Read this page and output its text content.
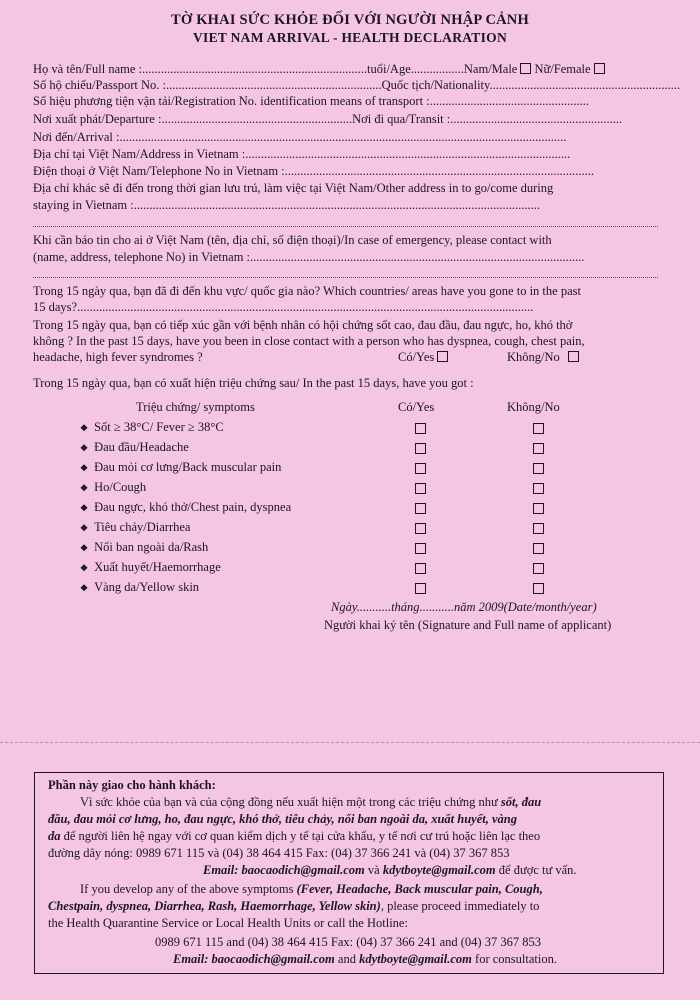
TỜ KHAI SỨC KHỎE ĐỐI VỚI NGƯỜI NHẬP CẢNH
VIET NAM ARRIVAL - HEALTH DECLARATION
Họ và tên/Full name :........................................................................tuổi/Age.................Nam/Male Nữ/Female
Số hộ chiếu/Passport No. :.....................................................................Quốc tịch/Nationality.............................................................
Số hiệu phương tiện vận tải/Registration No. identification means of transport :...................................................
Nơi xuất phát/Departure :.............................................................Nơi đi qua/Transit :.......................................................
Nơi đến/Arrival :...............................................................................................................................................
Địa chỉ tại Việt Nam/Address in Vietnam :........................................................................................................
Điện thoại ở Việt Nam/Telephone No in Vietnam :...................................................................................................
Địa chỉ khác sẽ đi đến trong thời gian lưu trú, làm việc tại Việt Nam/Other address in to go/come during
staying in Vietnam :..................................................................................................................................
Khi cần báo tin cho ai ở Việt Nam (tên, địa chỉ, số điện thoại)/In case of emergency, please contact with
(name, address, telephone No) in Vietnam :...........................................................................................................
Trong 15 ngày qua, bạn đã đi đến khu vực/ quốc gia nào? Which countries/ areas have you gone to in the past
15 days?..................................................................................................................................................
Trong 15 ngày qua, bạn có tiếp xúc gần với bệnh nhân có hội chứng sốt cao, đau đầu, đau ngực, ho, khó thở
không ? In the past 15 days, have you been in close contact with a person who has dyspnea, cough, chest pain,
headache, high fever syndromes ?	Có/Yes	Không/No
Trong 15 ngày qua, bạn có xuất hiện triệu chứng sau/ In the past 15 days, have you got :
Triệu chứng/ symptoms	Có/Yes	Không/No
❖ Sốt ≥ 38°C/ Fever ≥ 38°C
❖ Đau đầu/Headache
❖ Đau mỏi cơ lưng/Back muscular pain
❖ Ho/Cough
❖ Đau ngực, khó thở/Chest pain, dyspnea
❖ Tiêu chảy/Diarrhea
❖ Nổi ban ngoài da/Rash
❖ Xuất huyết/Haemorrhage
❖ Vàng da/Yellow skin
Ngày...........tháng...........năm 2009(Date/month/year)
Người khai ký tên (Signature and Full name of applicant)
Phần này giao cho hành khách:
Vì sức khỏe của bạn và của cộng đồng nếu xuất hiện một trong các triệu chứng như sốt, đau
đầu, đau mỏi cơ lưng, ho, đau ngực, khó thở, tiêu chảy, nổi ban ngoài da, xuất huyết, vàng
da để người liên hệ ngay với cơ quan kiểm dịch y tế tại cửa khẩu, y tế nơi cư trú hoặc liên lạc theo
đường dây nóng: 0989 671 115 và (04) 38 464 415 Fax: (04) 37 366 241 và (04) 37 367 853
Email: baocaodich@gmail.com và kdytboyte@gmail.com để được tư vấn.
If you develop any of the above symptoms (Fever, Headache, Back muscular pain, Cough,
Chestpain, dyspnea, Diarrhea, Rash, Haemorrhage, Yellow skin), please proceed immediately to
the Health Quarantine Service or Local Health Units or call the Hotline:
0989 671 115 and (04) 38 464 415 Fax: (04) 37 366 241 and (04) 37 367 853
Email: baocaodich@gmail.com and kdytboyte@gmail.com for consultation.
